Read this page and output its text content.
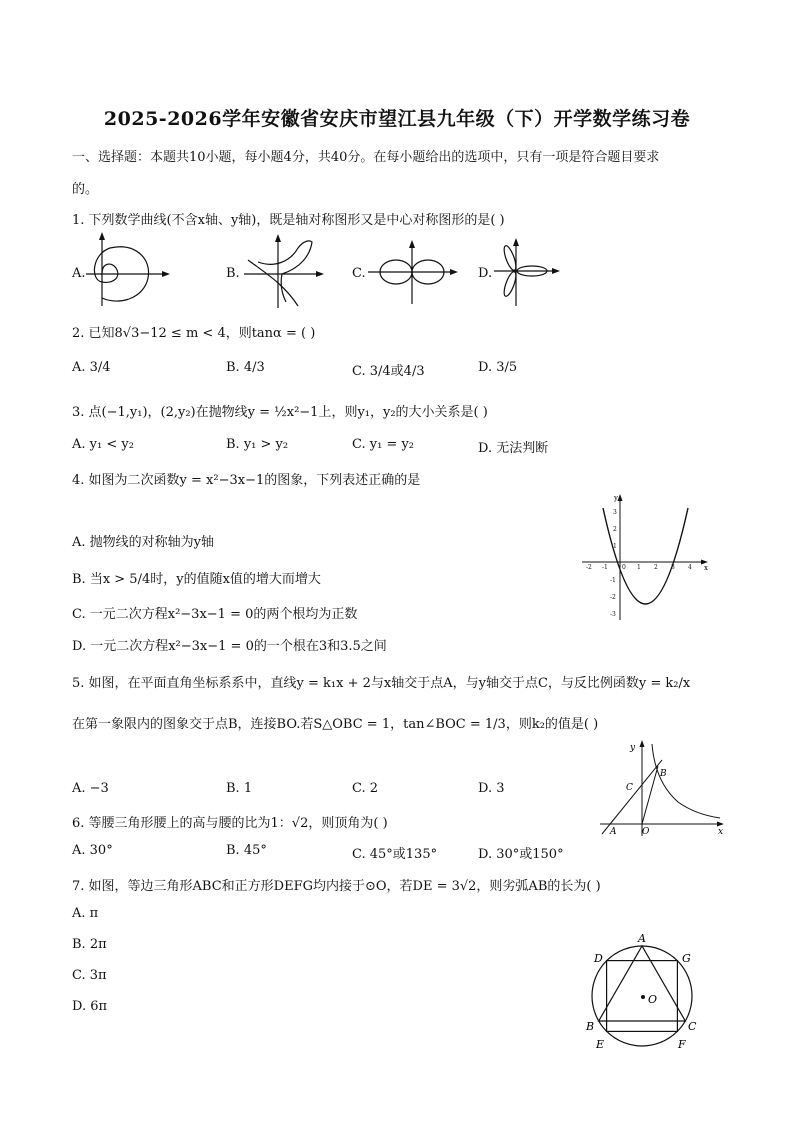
2025-2026学年安徽省安庆市望江县九年级（下）开学数学练习卷
一、选择题：本题共10小题，每小题4分，共40分。在每小题给出的选项中，只有一项是符合题目要求
的。
1. 下列数学曲线(不含x轴、y轴)，既是轴对称图形又是中心对称图形的是( )
A.	B.	C.	D.
2. 已知8√3−12 ≤ m < 4，则tanα = ( )
A. 3/4	B. 4/3	C. 3/4或4/3	D. 3/5
3. 点(−1,y₁)，(2,y₂)在抛物线y = ½x²−1上，则y₁，y₂的大小关系是( )
A. y₁ < y₂	B. y₁ > y₂	C. y₁ = y₂	D. 无法判断
4. 如图为二次函数y = x²−3x−1的图象，下列表述正确的是
A. 抛物线的对称轴为y轴
B. 当x > 5/4时，y的值随x值的增大而增大
C. 一元二次方程x²−3x−1 = 0的两个根均为正数
D. 一元二次方程x²−3x−1 = 0的一个根在3和3.5之间
y
x
-2 -1 0 1 2 3 4
3
2
1
-1
-2
-3
5. 如图，在平面直角坐标系系中，直线y = k₁x + 2与x轴交于点A，与y轴交于点C，与反比例函数y = k₂/x
在第一象限内的图象交于点B，连接BO.若S△OBC = 1，tan∠BOC = 1/3，则k₂的值是( )
A. −3	B. 1	C. 2	D. 3
y
x
A
B
C
O
6. 等腰三角形腰上的高与腰的比为1：√2，则顶角为( )
A. 30°	B. 45°	C. 45°或135°	D. 30°或150°
7. 如图，等边三角形ABC和正方形DEFG均内接于⊙O，若DE = 3√2，则劣弧AB的长为( )
A. π
B. 2π
C. 3π
D. 6π
A
B	C
D
E	F
G
O
